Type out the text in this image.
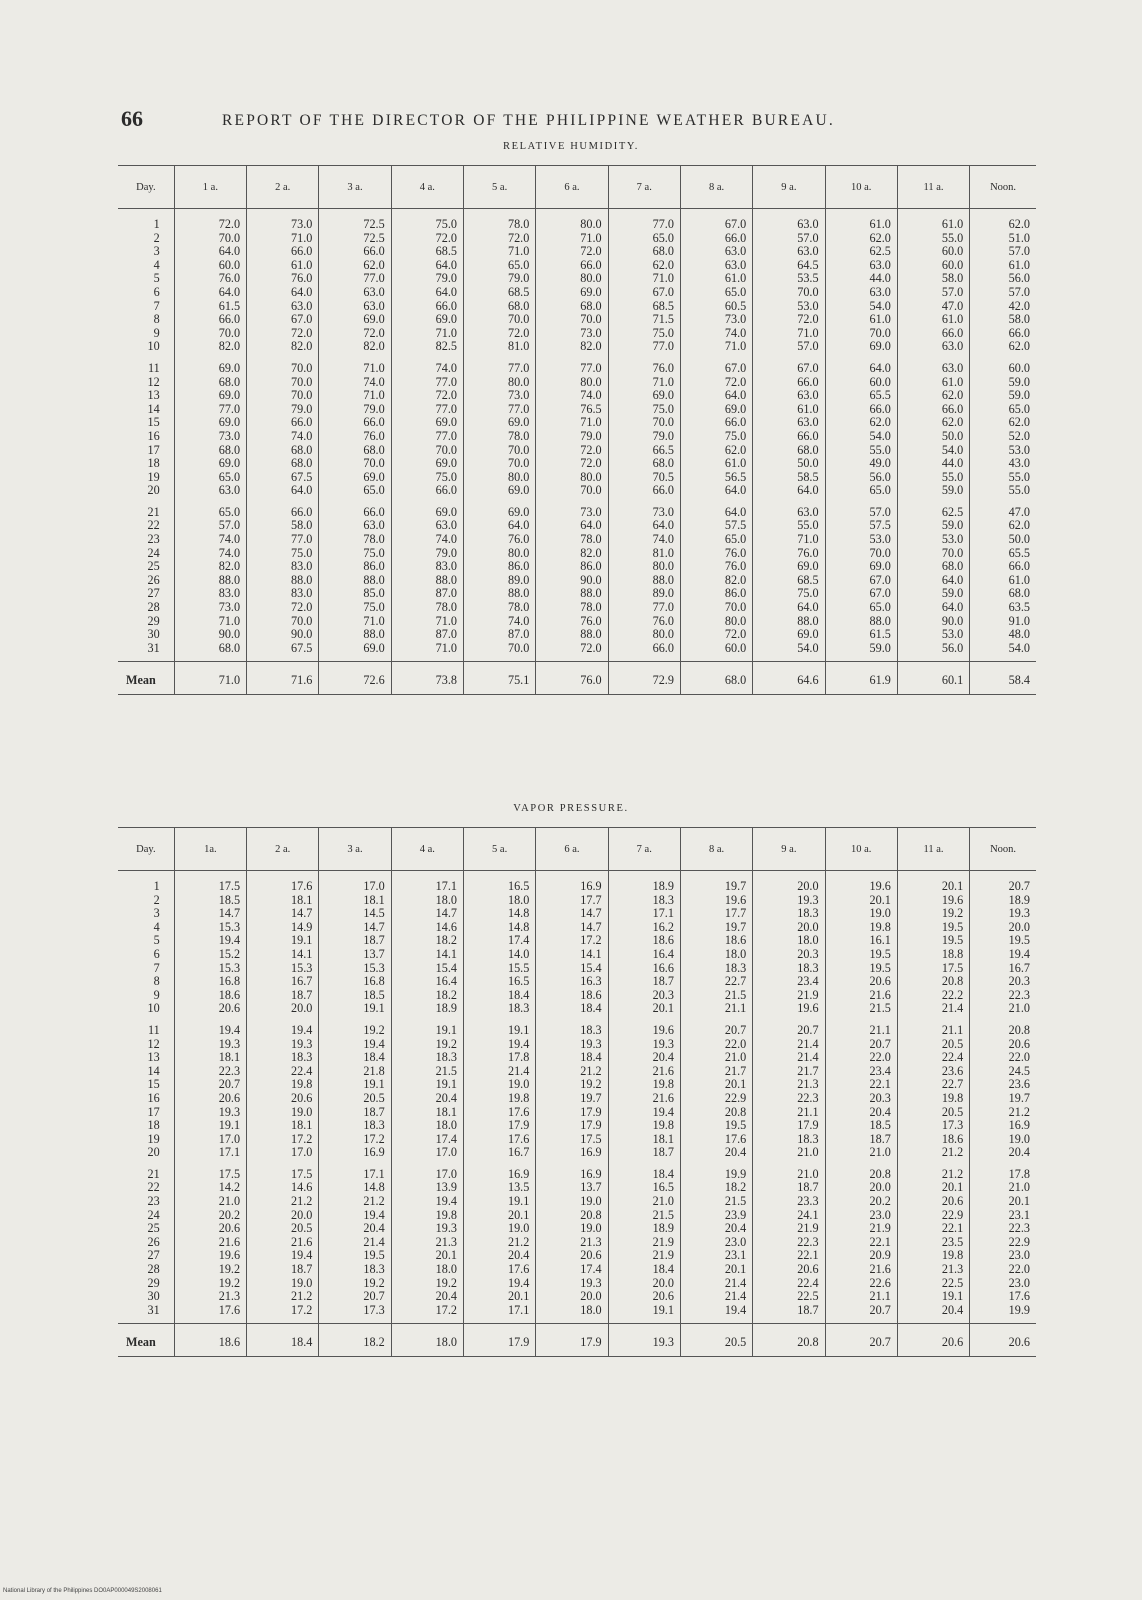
66	REPORT OF THE DIRECTOR OF THE PHILIPPINE WEATHER BUREAU.
RELATIVE HUMIDITY.
Day.	1 a.	2 a.	3 a.	4 a.	5 a.	6 a.	7 a.	8 a.	9 a.	10 a.	11 a.	Noon.
1	72.0	73.0	72.5	75.0	78.0	80.0	77.0	67.0	63.0	61.0	61.0	62.0
2	70.0	71.0	72.5	72.0	72.0	71.0	65.0	66.0	57.0	62.0	55.0	51.0
3	64.0	66.0	66.0	68.5	71.0	72.0	68.0	63.0	63.0	62.5	60.0	57.0
4	60.0	61.0	62.0	64.0	65.0	66.0	62.0	63.0	64.5	63.0	60.0	61.0
5	76.0	76.0	77.0	79.0	79.0	80.0	71.0	61.0	53.5	44.0	58.0	56.0
6	64.0	64.0	63.0	64.0	68.5	69.0	67.0	65.0	70.0	63.0	57.0	57.0
7	61.5	63.0	63.0	66.0	68.0	68.0	68.5	60.5	53.0	54.0	47.0	42.0
8	66.0	67.0	69.0	69.0	70.0	70.0	71.5	73.0	72.0	61.0	61.0	58.0
9	70.0	72.0	72.0	71.0	72.0	73.0	75.0	74.0	71.0	70.0	66.0	66.0
10	82.0	82.0	82.0	82.5	81.0	82.0	77.0	71.0	57.0	69.0	63.0	62.0
11	69.0	70.0	71.0	74.0	77.0	77.0	76.0	67.0	67.0	64.0	63.0	60.0
12	68.0	70.0	74.0	77.0	80.0	80.0	71.0	72.0	66.0	60.0	61.0	59.0
13	69.0	70.0	71.0	72.0	73.0	74.0	69.0	64.0	63.0	65.5	62.0	59.0
14	77.0	79.0	79.0	77.0	77.0	76.5	75.0	69.0	61.0	66.0	66.0	65.0
15	69.0	66.0	66.0	69.0	69.0	71.0	70.0	66.0	63.0	62.0	62.0	62.0
16	73.0	74.0	76.0	77.0	78.0	79.0	79.0	75.0	66.0	54.0	50.0	52.0
17	68.0	68.0	68.0	70.0	70.0	72.0	66.5	62.0	68.0	55.0	54.0	53.0
18	69.0	68.0	70.0	69.0	70.0	72.0	68.0	61.0	50.0	49.0	44.0	43.0
19	65.0	67.5	69.0	75.0	80.0	80.0	70.5	56.5	58.5	56.0	55.0	55.0
20	63.0	64.0	65.0	66.0	69.0	70.0	66.0	64.0	64.0	65.0	59.0	55.0
21	65.0	66.0	66.0	69.0	69.0	73.0	73.0	64.0	63.0	57.0	62.5	47.0
22	57.0	58.0	63.0	63.0	64.0	64.0	64.0	57.5	55.0	57.5	59.0	62.0
23	74.0	77.0	78.0	74.0	76.0	78.0	74.0	65.0	71.0	53.0	53.0	50.0
24	74.0	75.0	75.0	79.0	80.0	82.0	81.0	76.0	76.0	70.0	70.0	65.5
25	82.0	83.0	86.0	83.0	86.0	86.0	80.0	76.0	69.0	69.0	68.0	66.0
26	88.0	88.0	88.0	88.0	89.0	90.0	88.0	82.0	68.5	67.0	64.0	61.0
27	83.0	83.0	85.0	87.0	88.0	88.0	89.0	86.0	75.0	67.0	59.0	68.0
28	73.0	72.0	75.0	78.0	78.0	78.0	77.0	70.0	64.0	65.0	64.0	63.5
29	71.0	70.0	71.0	71.0	74.0	76.0	76.0	80.0	88.0	88.0	90.0	91.0
30	90.0	90.0	88.0	87.0	87.0	88.0	80.0	72.0	69.0	61.5	53.0	48.0
31	68.0	67.5	69.0	71.0	70.0	72.0	66.0	60.0	54.0	59.0	56.0	54.0
Mean	71.0	71.6	72.6	73.8	75.1	76.0	72.9	68.0	64.6	61.9	60.1	58.4
VAPOR PRESSURE.
Day.	1a.	2 a.	3 a.	4 a.	5 a.	6 a.	7 a.	8 a.	9 a.	10 a.	11 a.	Noon.
1	17.5	17.6	17.0	17.1	16.5	16.9	18.9	19.7	20.0	19.6	20.1	20.7
2	18.5	18.1	18.1	18.0	18.0	17.7	18.3	19.6	19.3	20.1	19.6	18.9
3	14.7	14.7	14.5	14.7	14.8	14.7	17.1	17.7	18.3	19.0	19.2	19.3
4	15.3	14.9	14.7	14.6	14.8	14.7	16.2	19.7	20.0	19.8	19.5	20.0
5	19.4	19.1	18.7	18.2	17.4	17.2	18.6	18.6	18.0	16.1	19.5	19.5
6	15.2	14.1	13.7	14.1	14.0	14.1	16.4	18.0	20.3	19.5	18.8	19.4
7	15.3	15.3	15.3	15.4	15.5	15.4	16.6	18.3	18.3	19.5	17.5	16.7
8	16.8	16.7	16.8	16.4	16.5	16.3	18.7	22.7	23.4	20.6	20.8	20.3
9	18.6	18.7	18.5	18.2	18.4	18.6	20.3	21.5	21.9	21.6	22.2	22.3
10	20.6	20.0	19.1	18.9	18.3	18.4	20.1	21.1	19.6	21.5	21.4	21.0
11	19.4	19.4	19.2	19.1	19.1	18.3	19.6	20.7	20.7	21.1	21.1	20.8
12	19.3	19.3	19.4	19.2	19.4	19.3	19.3	22.0	21.4	20.7	20.5	20.6
13	18.1	18.3	18.4	18.3	17.8	18.4	20.4	21.0	21.4	22.0	22.4	22.0
14	22.3	22.4	21.8	21.5	21.4	21.2	21.6	21.7	21.7	23.4	23.6	24.5
15	20.7	19.8	19.1	19.1	19.0	19.2	19.8	20.1	21.3	22.1	22.7	23.6
16	20.6	20.6	20.5	20.4	19.8	19.7	21.6	22.9	22.3	20.3	19.8	19.7
17	19.3	19.0	18.7	18.1	17.6	17.9	19.4	20.8	21.1	20.4	20.5	21.2
18	19.1	18.1	18.3	18.0	17.9	17.9	19.8	19.5	17.9	18.5	17.3	16.9
19	17.0	17.2	17.2	17.4	17.6	17.5	18.1	17.6	18.3	18.7	18.6	19.0
20	17.1	17.0	16.9	17.0	16.7	16.9	18.7	20.4	21.0	21.0	21.2	20.4
21	17.5	17.5	17.1	17.0	16.9	16.9	18.4	19.9	21.0	20.8	21.2	17.8
22	14.2	14.6	14.8	13.9	13.5	13.7	16.5	18.2	18.7	20.0	20.1	21.0
23	21.0	21.2	21.2	19.4	19.1	19.0	21.0	21.5	23.3	20.2	20.6	20.1
24	20.2	20.0	19.4	19.8	20.1	20.8	21.5	23.9	24.1	23.0	22.9	23.1
25	20.6	20.5	20.4	19.3	19.0	19.0	18.9	20.4	21.9	21.9	22.1	22.3
26	21.6	21.6	21.4	21.3	21.2	21.3	21.9	23.0	22.3	22.1	23.5	22.9
27	19.6	19.4	19.5	20.1	20.4	20.6	21.9	23.1	22.1	20.9	19.8	23.0
28	19.2	18.7	18.3	18.0	17.6	17.4	18.4	20.1	20.6	21.6	21.3	22.0
29	19.2	19.0	19.2	19.2	19.4	19.3	20.0	21.4	22.4	22.6	22.5	23.0
30	21.3	21.2	20.7	20.4	20.1	20.0	20.6	21.4	22.5	21.1	19.1	17.6
31	17.6	17.2	17.3	17.2	17.1	18.0	19.1	19.4	18.7	20.7	20.4	19.9
Mean	18.6	18.4	18.2	18.0	17.9	17.9	19.3	20.5	20.8	20.7	20.6	20.6
National Library of the Philippines DO0AP000049S2008061
